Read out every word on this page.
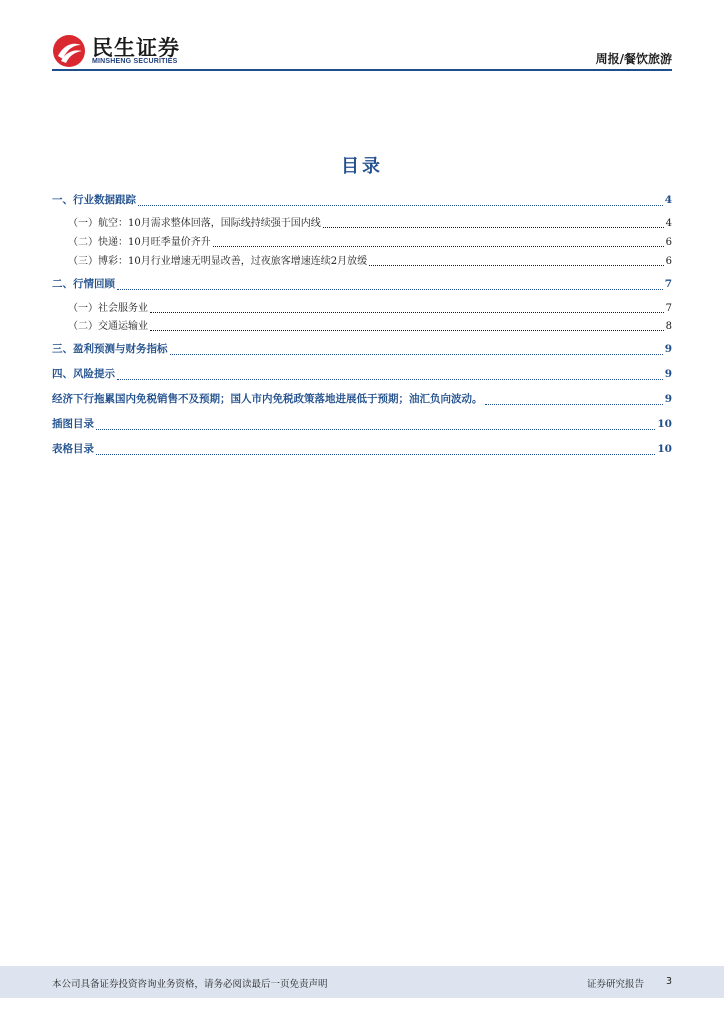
民生证券
MINSHENG SECURITIES	周报/餐饮旅游
目录
一、行业数据跟踪	4
（一）航空：10月需求整体回落，国际线持续强于国内线	4
（二）快递：10月旺季量价齐升	6
（三）博彩：10月行业增速无明显改善，过夜旅客增速连续2月放缓	6
二、行情回顾	7
（一）社会服务业	7
（二）交通运输业	8
三、盈利预测与财务指标	9
四、风险提示	9
经济下行拖累国内免税销售不及预期；国人市内免税政策落地进展低于预期；油汇负向波动。	9
插图目录	10
表格目录	10
本公司具备证券投资咨询业务资格，请务必阅读最后一页免责声明	证券研究报告 3
